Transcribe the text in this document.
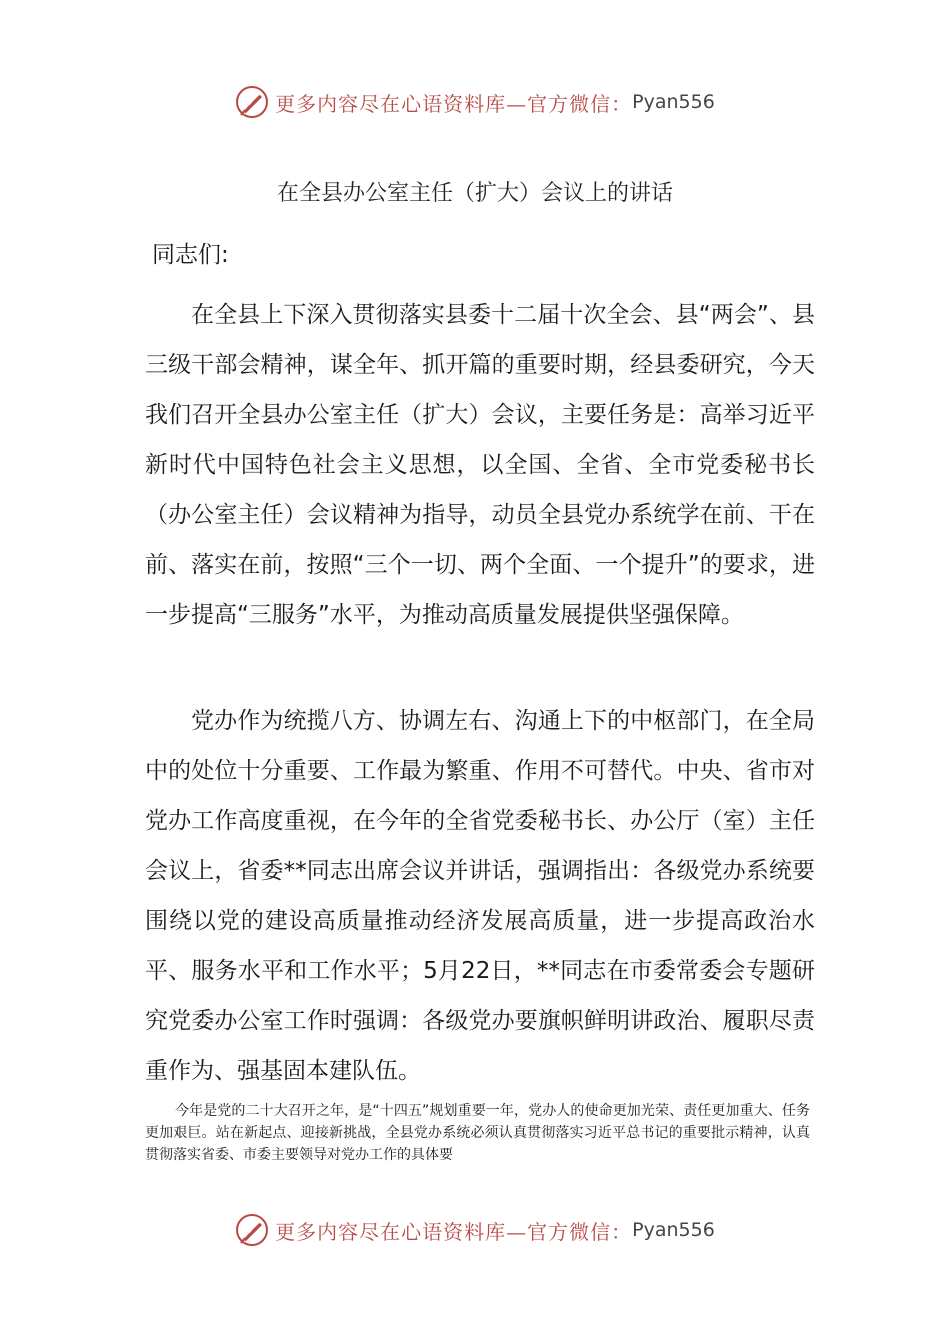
更多内容尽在心语资料库—官方微信： Pyan556
在全县办公室主任（扩大）会议上的讲话
同志们:

在全县上下深入贯彻落实县委十二届十次全会、县“两会”、县三级干部会精神，谋全年、抓开篇的重要时期，经县委研究，今天我们召开全县办公室主任（扩大）会议，主要任务是：高举习近平新时代中国特色社会主义思想，以全国、全省、全市党委秘书长（办公室主任）会议精神为指导，动员全县党办系统学在前、干在前、落实在前，按照“三个一切、两个全面、一个提升”的要求，进一步提高“三服务”水平，为推动高质量发展提供坚强保障。

党办作为统揽八方、协调左右、沟通上下的中枢部门，在全局中的处位十分重要、工作最为繁重、作用不可替代。中央、省市对党办工作高度重视，在今年的全省党委秘书长、办公厅（室）主任会议上，省委**同志出席会议并讲话，强调指出：各级党办系统要围绕以党的建设高质量推动经济发展高质量，进一步提高政治水平、服务水平和工作水平；5月22日，**同志在市委常委会专题研究党委办公室工作时强调：各级党办要旗帜鲜明讲政治、履职尽责重作为、强基固本建队伍。

今年是党的二十大召开之年，是“十四五”规划重要一年，党办人的使命更加光荣、责任更加重大、任务更加艰巨。站在新起点、迎接新挑战，全县党办系统必须认真贯彻落实习近平总书记的重要批示精神，认真贯彻落实省委、市委主要领导对党办工作的具体要

更多内容尽在心语资料库—官方微信： Pyan556
